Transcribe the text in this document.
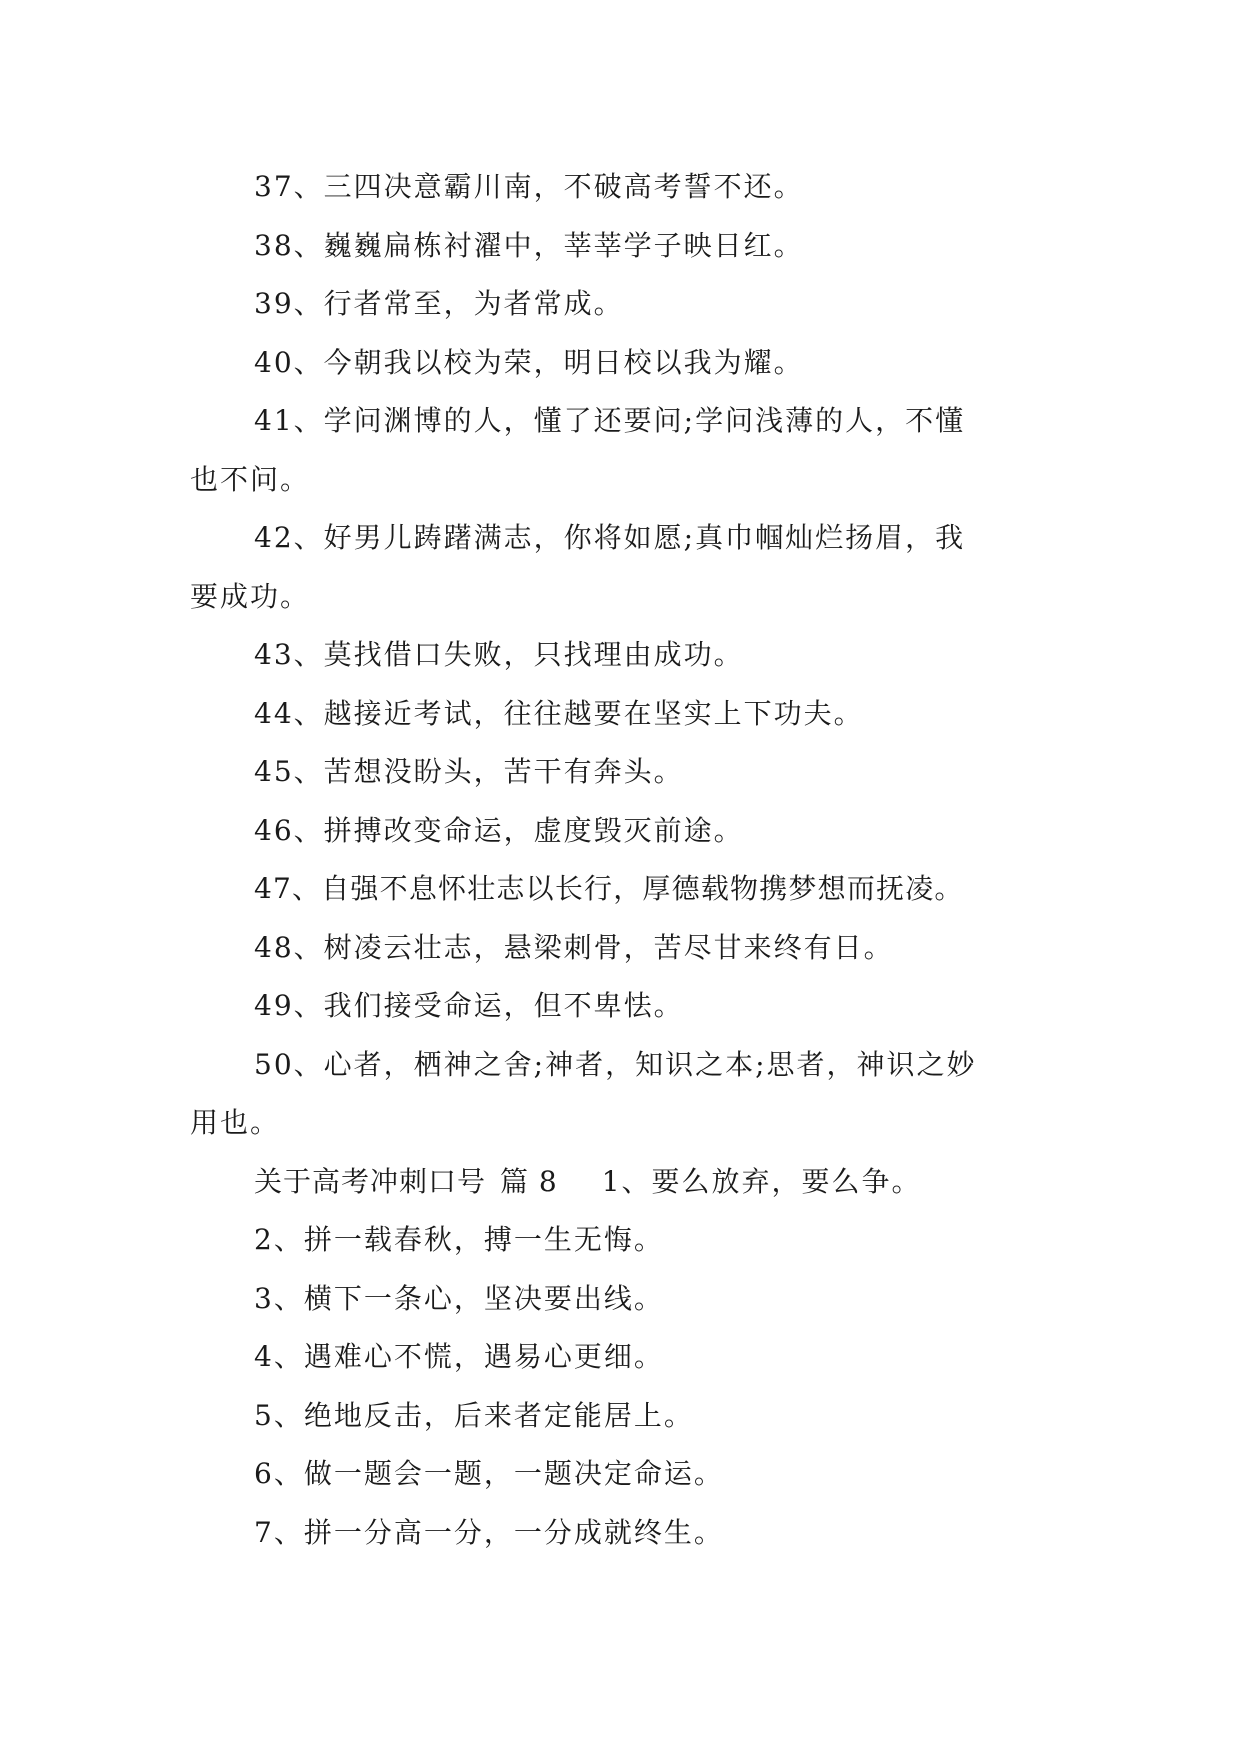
37、三四决意霸川南，不破高考誓不还。
38、巍巍扁栋衬濯中，莘莘学子映日红。
39、行者常至，为者常成。
40、今朝我以校为荣，明日校以我为耀。
41、学问渊博的人，懂了还要问;学问浅薄的人，不懂
也不问。
42、好男儿踌躇满志，你将如愿;真巾帼灿烂扬眉，我
要成功。
43、莫找借口失败，只找理由成功。
44、越接近考试，往往越要在坚实上下功夫。
45、苦想没盼头，苦干有奔头。
46、拼搏改变命运，虚度毁灭前途。
47、自强不息怀壮志以长行，厚德载物携梦想而抚凌。
48、树凌云壮志，悬梁刺骨，苦尽甘来终有日。
49、我们接受命运，但不卑怯。
50、心者，栖神之舍;神者，知识之本;思者，神识之妙
用也。
关于高考冲刺口号 篇 8 1、要么放弃，要么争。
2、拼一载春秋，搏一生无悔。
3、横下一条心，坚决要出线。
4、遇难心不慌，遇易心更细。
5、绝地反击，后来者定能居上。
6、做一题会一题，一题决定命运。
7、拼一分高一分，一分成就终生。
